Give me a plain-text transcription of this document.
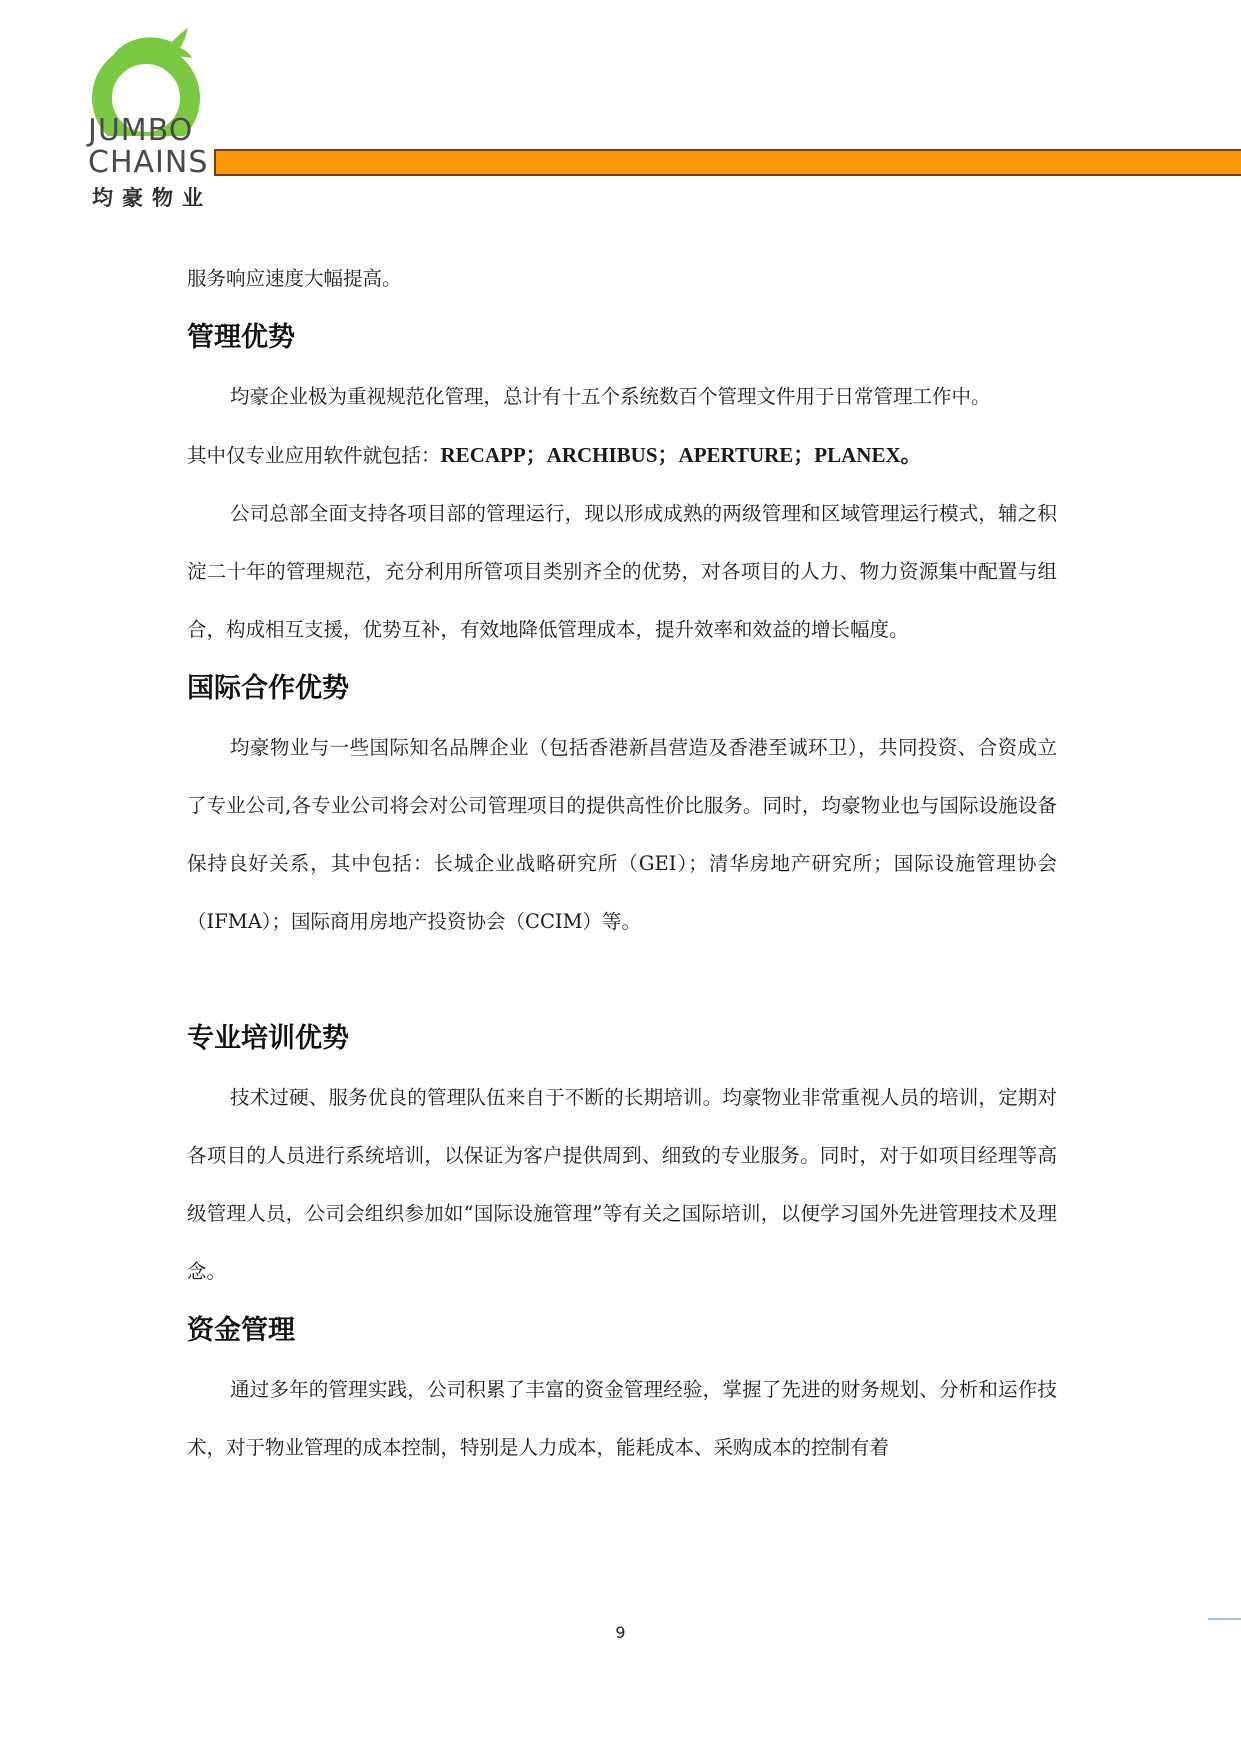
JUMBO
CHAINS
均豪物业

服务响应速度大幅提高。

管理优势

均豪企业极为重视规范化管理，总计有十五个系统数百个管理文件用于日常管理工作中。

其中仅专业应用软件就包括：RECAPP；ARCHIBUS；APERTURE；PLANEX。

公司总部全面支持各项目部的管理运行，现以形成成熟的两级管理和区域管理运行模式，辅之积淀二十年的管理规范，充分利用所管项目类别齐全的优势，对各项目的人力、物力资源集中配置与组合，构成相互支援，优势互补，有效地降低管理成本，提升效率和效益的增长幅度。

国际合作优势

均豪物业与一些国际知名品牌企业（包括香港新昌营造及香港至诚环卫），共同投资、合资成立了专业公司,各专业公司将会对公司管理项目的提供高性价比服务。同时，均豪物业也与国际设施设备保持良好关系，其中包括：长城企业战略研究所（GEI）；清华房地产研究所；国际设施管理协会（IFMA）；国际商用房地产投资协会（CCIM）等。

专业培训优势

技术过硬、服务优良的管理队伍来自于不断的长期培训。均豪物业非常重视人员的培训，定期对各项目的人员进行系统培训，以保证为客户提供周到、细致的专业服务。同时，对于如项目经理等高级管理人员，公司会组织参加如“国际设施管理”等有关之国际培训，以便学习国外先进管理技术及理念。

资金管理

通过多年的管理实践，公司积累了丰富的资金管理经验，掌握了先进的财务规划、分析和运作技术，对于物业管理的成本控制，特别是人力成本，能耗成本、采购成本的控制有着

9
